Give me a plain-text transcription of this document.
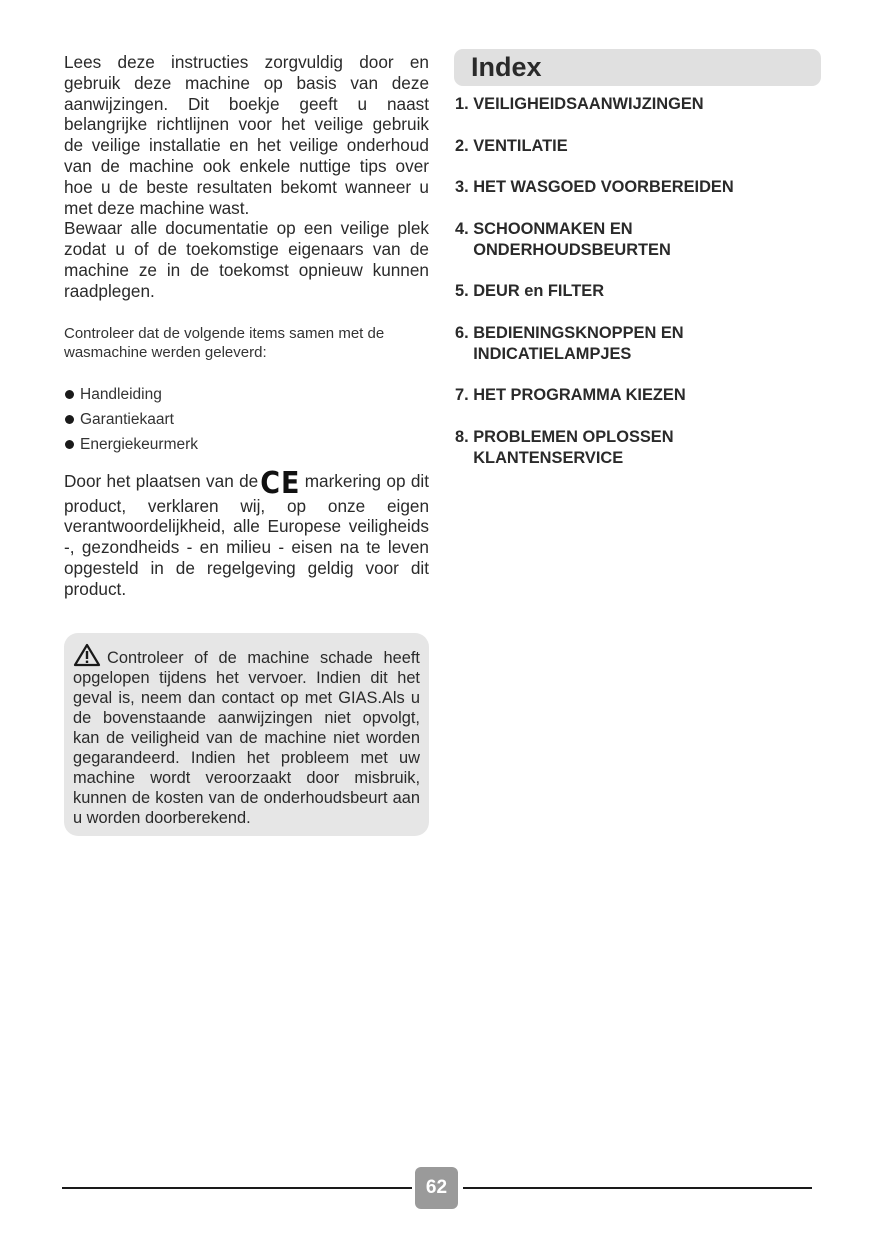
Lees deze instructies zorgvuldig door en gebruik deze machine op basis van deze aanwijzingen. Dit boekje geeft u naast belangrijke richtlijnen voor het veilige gebruik de veilige installatie en het veilige onderhoud van de machine ook enkele nuttige tips over hoe u de beste resultaten bekomt wanneer u met deze machine wast.

Bewaar alle documentatie op een veilige plek zodat u of de toekomstige eigenaars van de machine ze in de toekomst opnieuw kunnen raadplegen.

Controleer dat de volgende items samen met de wasmachine werden geleverd:

Handleiding
Garantiekaart
Energiekeurmerk

Door het plaatsen van deCE markering op dit product, verklaren wij, op onze eigen verantwoordelijkheid, alle Europese veiligheids -, gezondheids - en milieu - eisen na te leven opgesteld in de regelgeving geldig voor dit product.

Controleer of de machine schade heeft opgelopen tijdens het vervoer. Indien dit het geval is, neem dan contact op met GIAS.Als u de bovenstaande aanwijzingen niet opvolgt, kan de veiligheid van de machine niet worden gegarandeerd. Indien het probleem met uw machine wordt veroorzaakt door misbruik, kunnen de kosten van de onderhoudsbeurt aan u worden doorberekend.

Index
1. VEILIGHEIDSAANWIJZINGEN
2. VENTILATIE
3. HET WASGOED VOORBEREIDEN
4. SCHOONMAKEN EN
ONDERHOUDSBEURTEN
5. DEUR en FILTER
6. BEDIENINGSKNOPPEN EN
INDICATIELAMPJES
7. HET PROGRAMMA KIEZEN
8. PROBLEMEN OPLOSSEN
KLANTENSERVICE
62
